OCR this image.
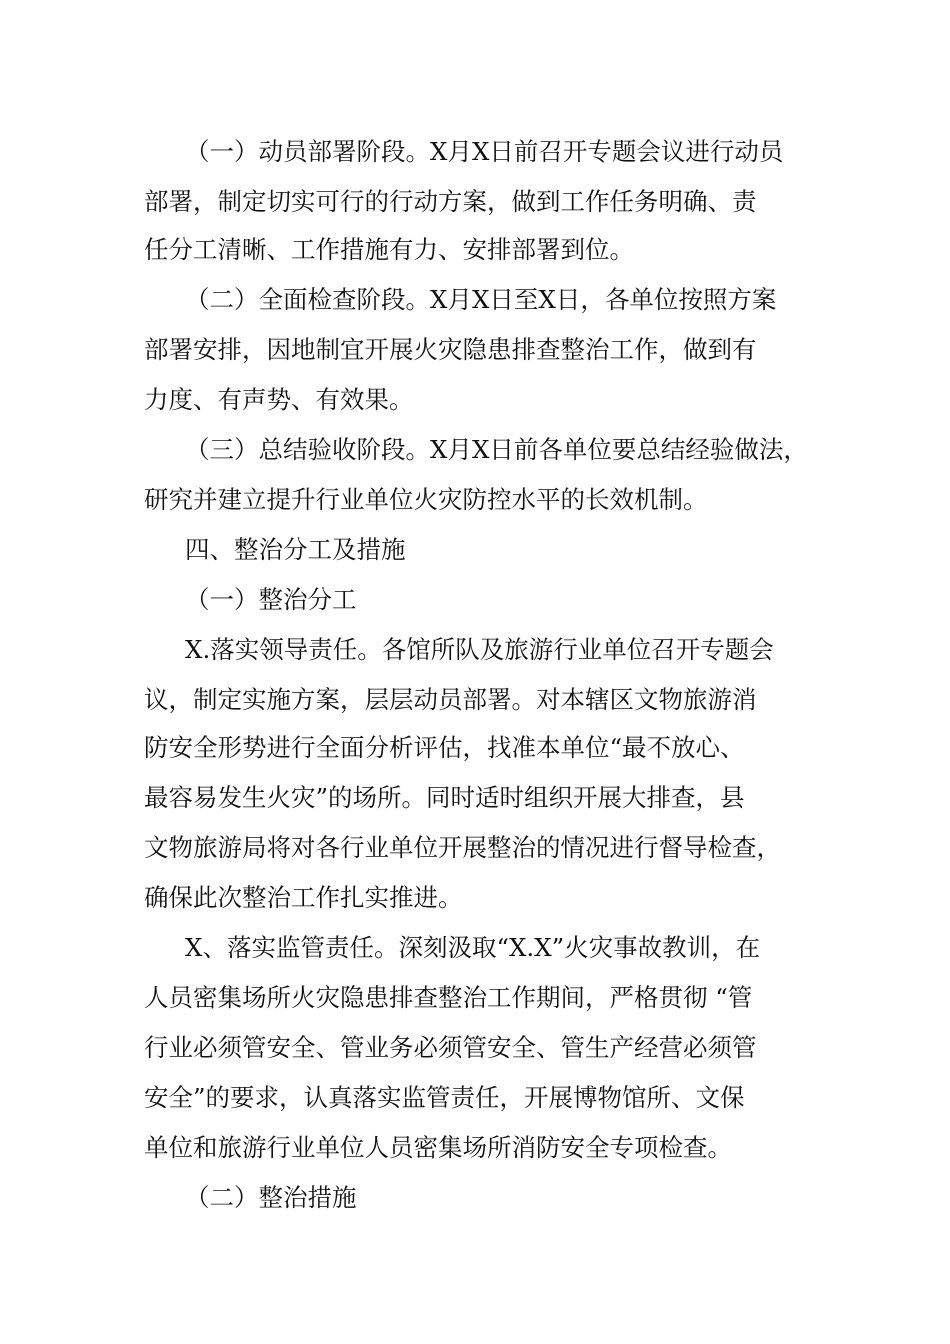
（一）动员部署阶段。X月X日前召开专题会议进行动员
部署，制定切实可行的行动方案，做到工作任务明确、责
任分工清晰、工作措施有力、安排部署到位。
（二）全面检查阶段。X月X日至X日，各单位按照方案
部署安排，因地制宜开展火灾隐患排查整治工作，做到有
力度、有声势、有效果。
（三）总结验收阶段。X月X日前各单位要总结经验做法，
研究并建立提升行业单位火灾防控水平的长效机制。
四、整治分工及措施
（一）整治分工
X.落实领导责任。各馆所队及旅游行业单位召开专题会
议，制定实施方案，层层动员部署。对本辖区文物旅游消
防安全形势进行全面分析评估，找准本单位“最不放心、
最容易发生火灾”的场所。同时适时组织开展大排查，县
文物旅游局将对各行业单位开展整治的情况进行督导检查，
确保此次整治工作扎实推进。
X、落实监管责任。深刻汲取“X.X”火灾事故教训，在
人员密集场所火灾隐患排查整治工作期间，严格贯彻 “管
行业必须管安全、管业务必须管安全、管生产经营必须管
安全”的要求，认真落实监管责任，开展博物馆所、文保
单位和旅游行业单位人员密集场所消防安全专项检查。
（二）整治措施
